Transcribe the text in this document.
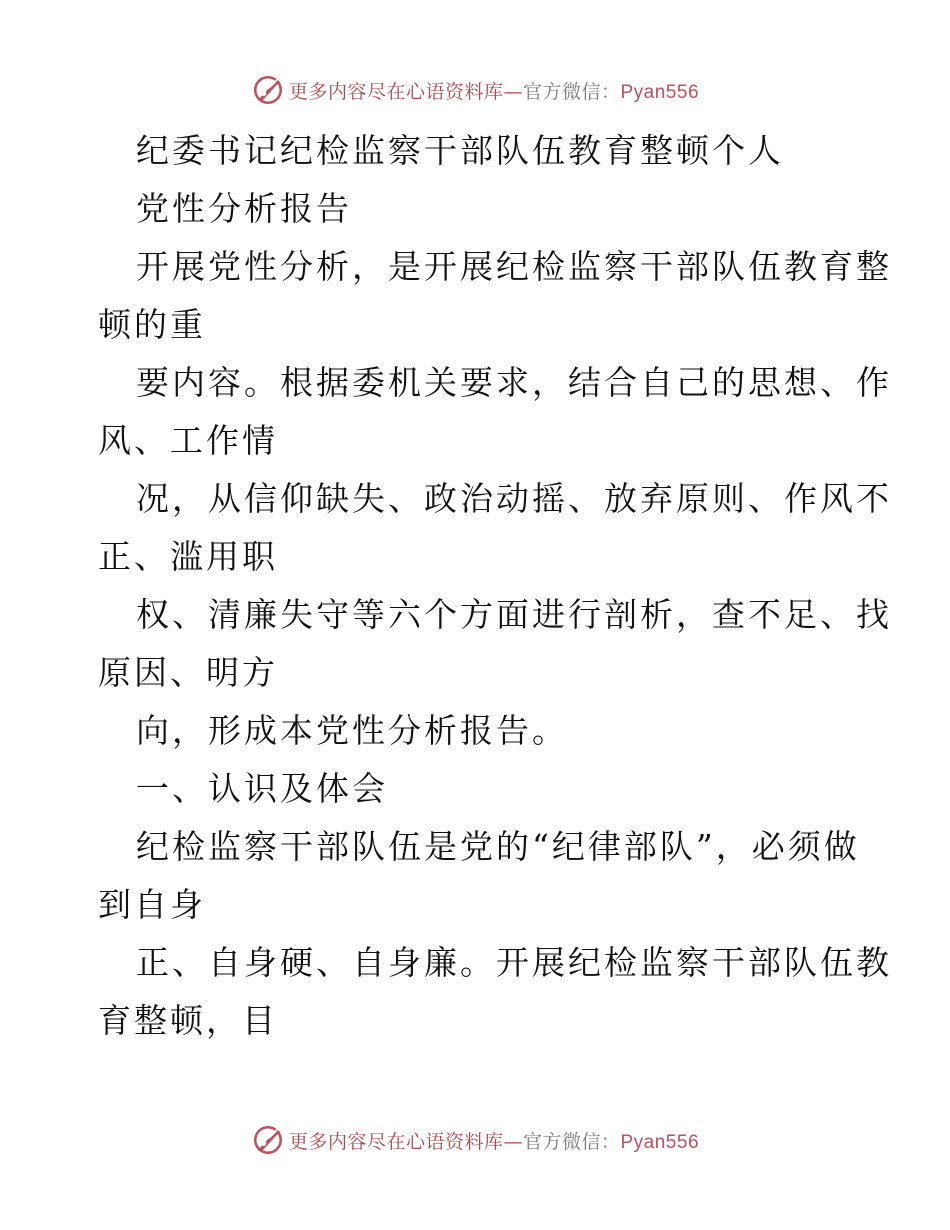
更多内容尽在心语资料库—官方微信：Pyan556
纪委书记纪检监察干部队伍教育整顿个人
党性分析报告
开展党性分析，是开展纪检监察干部队伍教育整
顿的重
要内容。根据委机关要求，结合自己的思想、作
风、工作情
况，从信仰缺失、政治动摇、放弃原则、作风不
正、滥用职
权、清廉失守等六个方面进行剖析，查不足、找
原因、明方
向，形成本党性分析报告。
一、认识及体会
纪检监察干部队伍是党的“纪律部队”，必须做
到自身
正、自身硬、自身廉。开展纪检监察干部队伍教
育整顿，目
更多内容尽在心语资料库—官方微信：Pyan556
